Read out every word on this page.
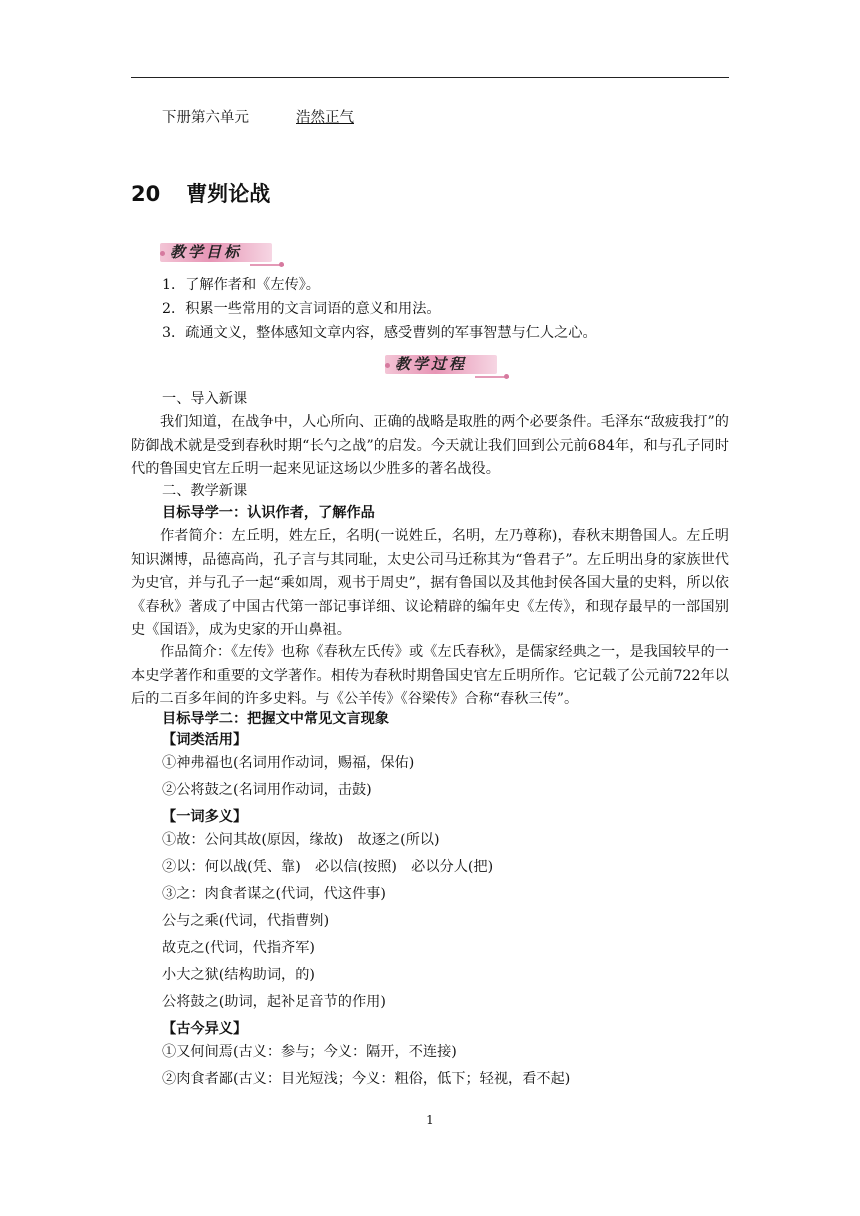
下册第六单元	浩然正气
20 曹刿论战
教学目标
1．了解作者和《左传》。
2．积累一些常用的文言词语的意义和用法。
3．疏通文义，整体感知文章内容，感受曹刿的军事智慧与仁人之心。
教学过程
一、导入新课
我们知道，在战争中，人心所向、正确的战略是取胜的两个必要条件。毛泽东“敌疲我打”的防御战术就是受到春秋时期“长勺之战”的启发。今天就让我们回到公元前684年，和与孔子同时代的鲁国史官左丘明一起来见证这场以少胜多的著名战役。
二、教学新课
目标导学一：认识作者，了解作品
作者简介：左丘明，姓左丘，名明(一说姓丘，名明，左乃尊称)，春秋末期鲁国人。左丘明知识渊博，品德高尚，孔子言与其同耻，太史公司马迁称其为“鲁君子”。左丘明出身的家族世代为史官，并与孔子一起“乘如周，观书于周史”，据有鲁国以及其他封侯各国大量的史料，所以依《春秋》著成了中国古代第一部记事详细、议论精辟的编年史《左传》，和现存最早的一部国别史《国语》，成为史家的开山鼻祖。
作品简介：《左传》也称《春秋左氏传》或《左氏春秋》，是儒家经典之一，是我国较早的一本史学著作和重要的文学著作。相传为春秋时期鲁国史官左丘明所作。它记载了公元前722年以后的二百多年间的许多史料。与《公羊传》《谷梁传》合称“春秋三传”。
目标导学二：把握文中常见文言现象
【词类活用】
①神弗福也(名词用作动词，赐福，保佑)
②公将鼓之(名词用作动词，击鼓)
【一词多义】
①故：公问其故(原因，缘故)　故逐之(所以)
②以：何以战(凭、靠)　必以信(按照)　必以分人(把)
③之：肉食者谋之(代词，代这件事)
公与之乘(代词，代指曹刿)
故克之(代词，代指齐军)
小大之狱(结构助词，的)
公将鼓之(助词，起补足音节的作用)
【古今异义】
①又何间焉(古义：参与；今义：隔开，不连接)
②肉食者鄙(古义：目光短浅；今义：粗俗，低下；轻视，看不起)
1
